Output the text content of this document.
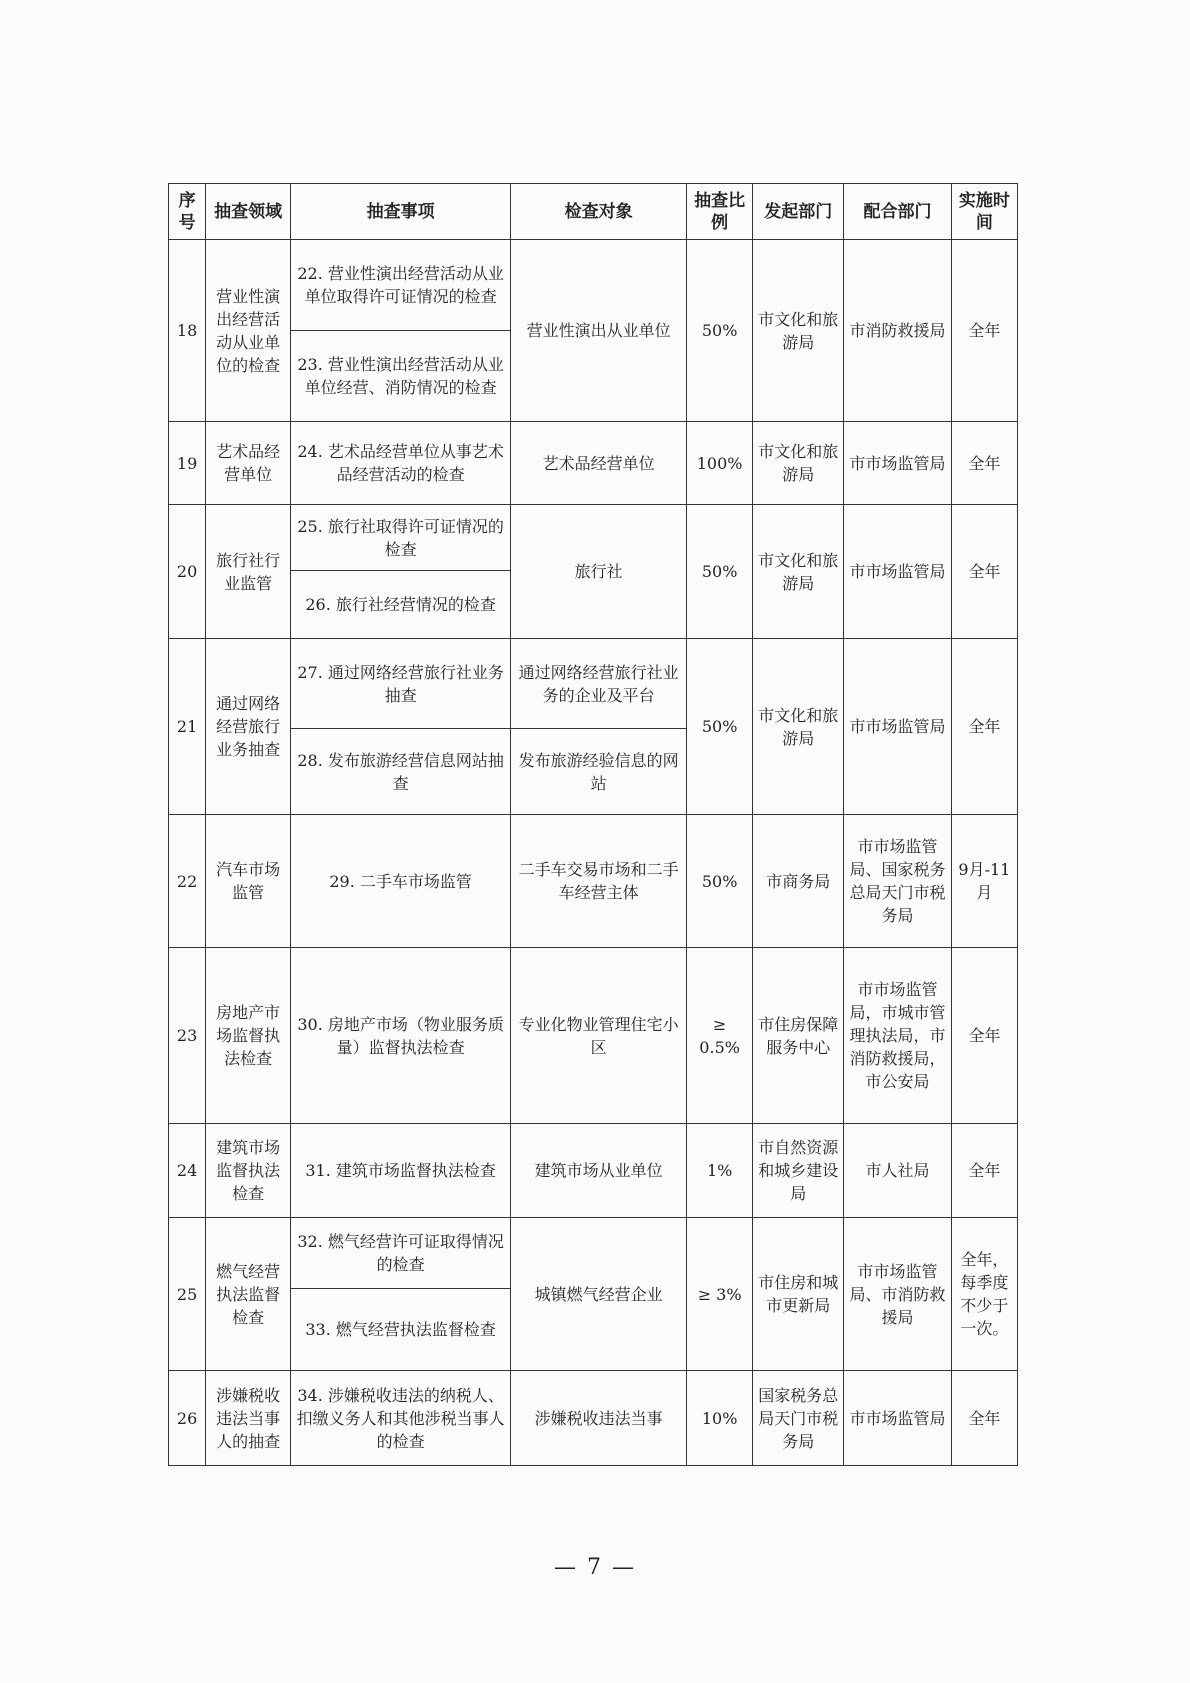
序号	抽查领域	抽查事项	检查对象	抽查比例	发起部门	配合部门	实施时间
18	营业性演出经营活动从业单位的检查	22. 营业性演出经营活动从业单位取得许可证情况的检查	营业性演出从业单位	50%	市文化和旅游局	市消防救援局	全年
		23. 营业性演出经营活动从业单位经营、消防情况的检查					
19	艺术品经营单位	24. 艺术品经营单位从事艺术品经营活动的检查	艺术品经营单位	100%	市文化和旅游局	市市场监管局	全年
20	旅行社行业监管	25. 旅行社取得许可证情况的检查	旅行社	50%	市文化和旅游局	市市场监管局	全年
		26. 旅行社经营情况的检查					
21	通过网络经营旅行业务抽查	27. 通过网络经营旅行社业务抽查	通过网络经营旅行社业务的企业及平台	50%	市文化和旅游局	市市场监管局	全年
		28. 发布旅游经营信息网站抽查	发布旅游经验信息的网站				
22	汽车市场监管	29. 二手车市场监管	二手车交易市场和二手车经营主体	50%	市商务局	市市场监管局、国家税务总局天门市税务局	9月-11月
23	房地产市场监督执法检查	30. 房地产市场（物业服务质量）监督执法检查	专业化物业管理住宅小区	≥ 0.5%	市住房保障服务中心	市市场监管局，市城市管理执法局，市消防救援局，市公安局	全年
24	建筑市场监督执法检查	31. 建筑市场监督执法检查	建筑市场从业单位	1%	市自然资源和城乡建设局	市人社局	全年
25	燃气经营执法监督检查	32. 燃气经营许可证取得情况的检查	城镇燃气经营企业	≥ 3%	市住房和城市更新局	市市场监管局、市消防救援局	全年，每季度不少于一次。
		33. 燃气经营执法监督检查					
26	涉嫌税收违法当事人的抽查	34. 涉嫌税收违法的纳税人、扣缴义务人和其他涉税当事人的检查	涉嫌税收违法当事	10%	国家税务总局天门市税务局	市市场监管局	全年
— 7 —
